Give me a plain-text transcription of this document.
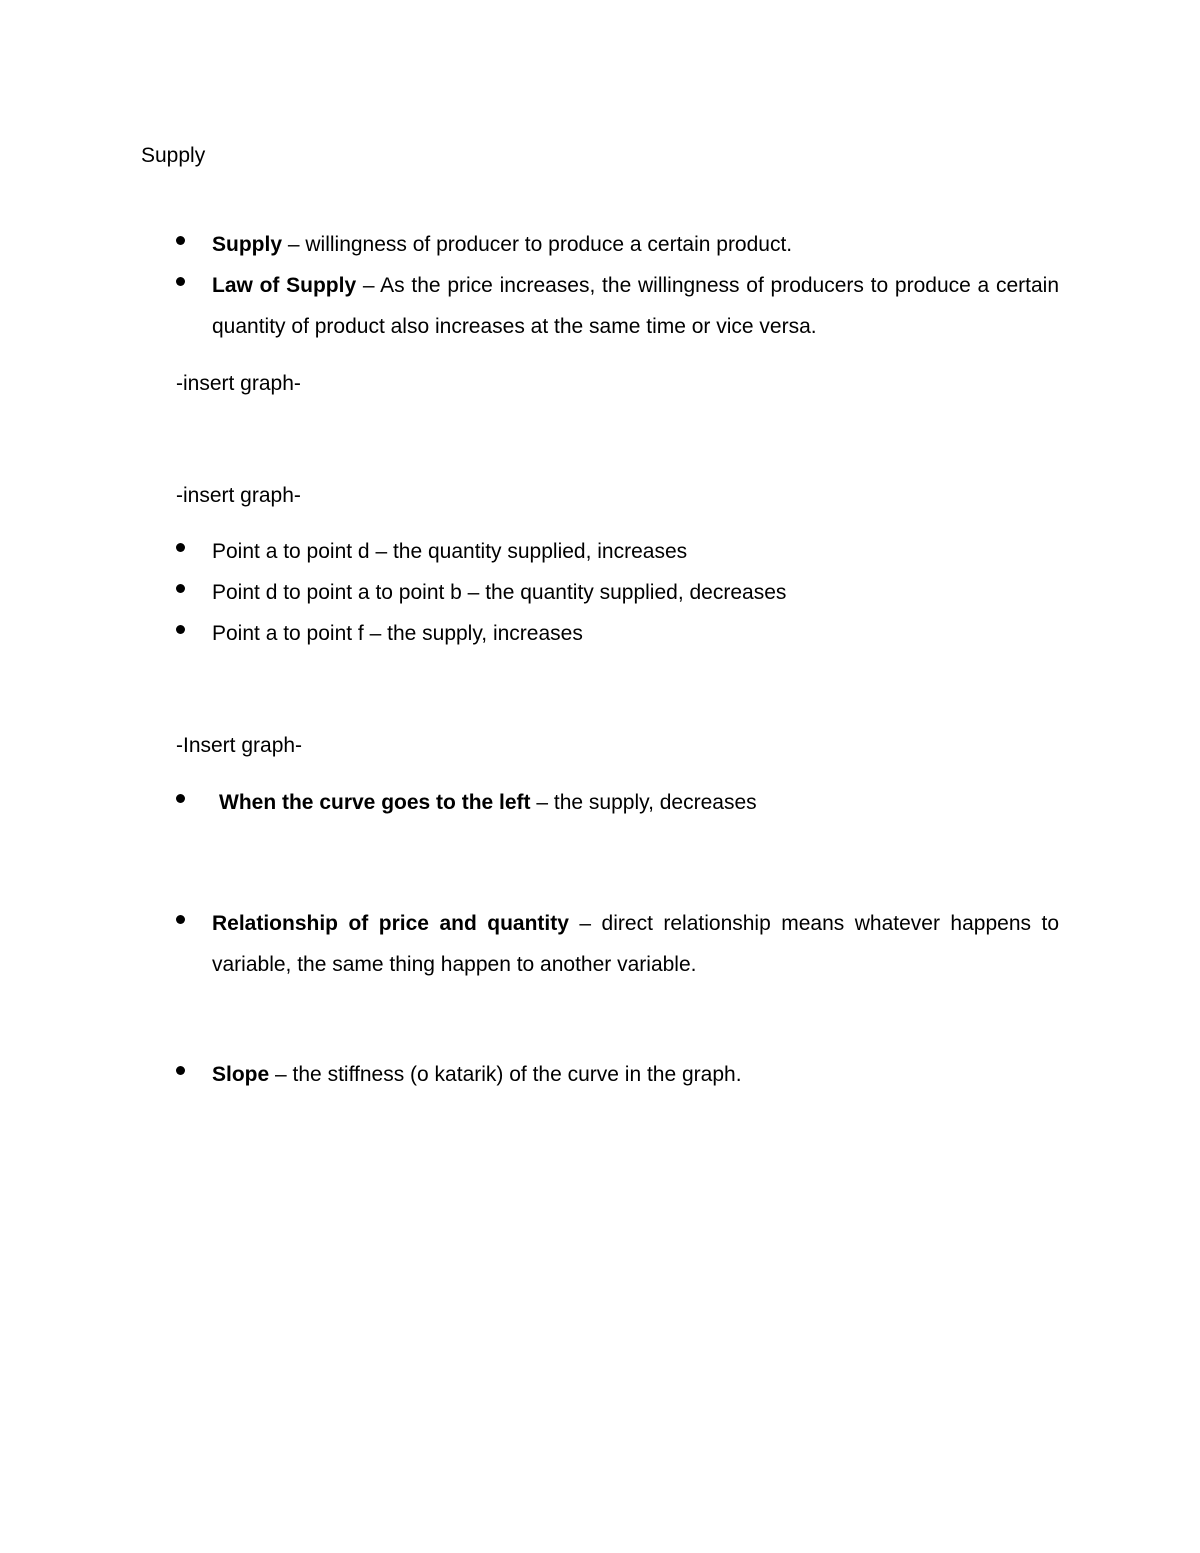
Supply
Supply – willingness of producer to produce a certain product.
Law of Supply – As the price increases, the willingness of producers to produce a certain quantity of product also increases at the same time or vice versa.
-insert graph-
-insert graph-
Point a to point d – the quantity supplied, increases
Point d to point a to point b – the quantity supplied, decreases
Point a to point f – the supply, increases
-Insert graph-
When the curve goes to the left – the supply, decreases
Relationship of price and quantity – direct relationship means whatever happens to variable, the same thing happen to another variable.
Slope – the stiffness (o katarik) of the curve in the graph.
